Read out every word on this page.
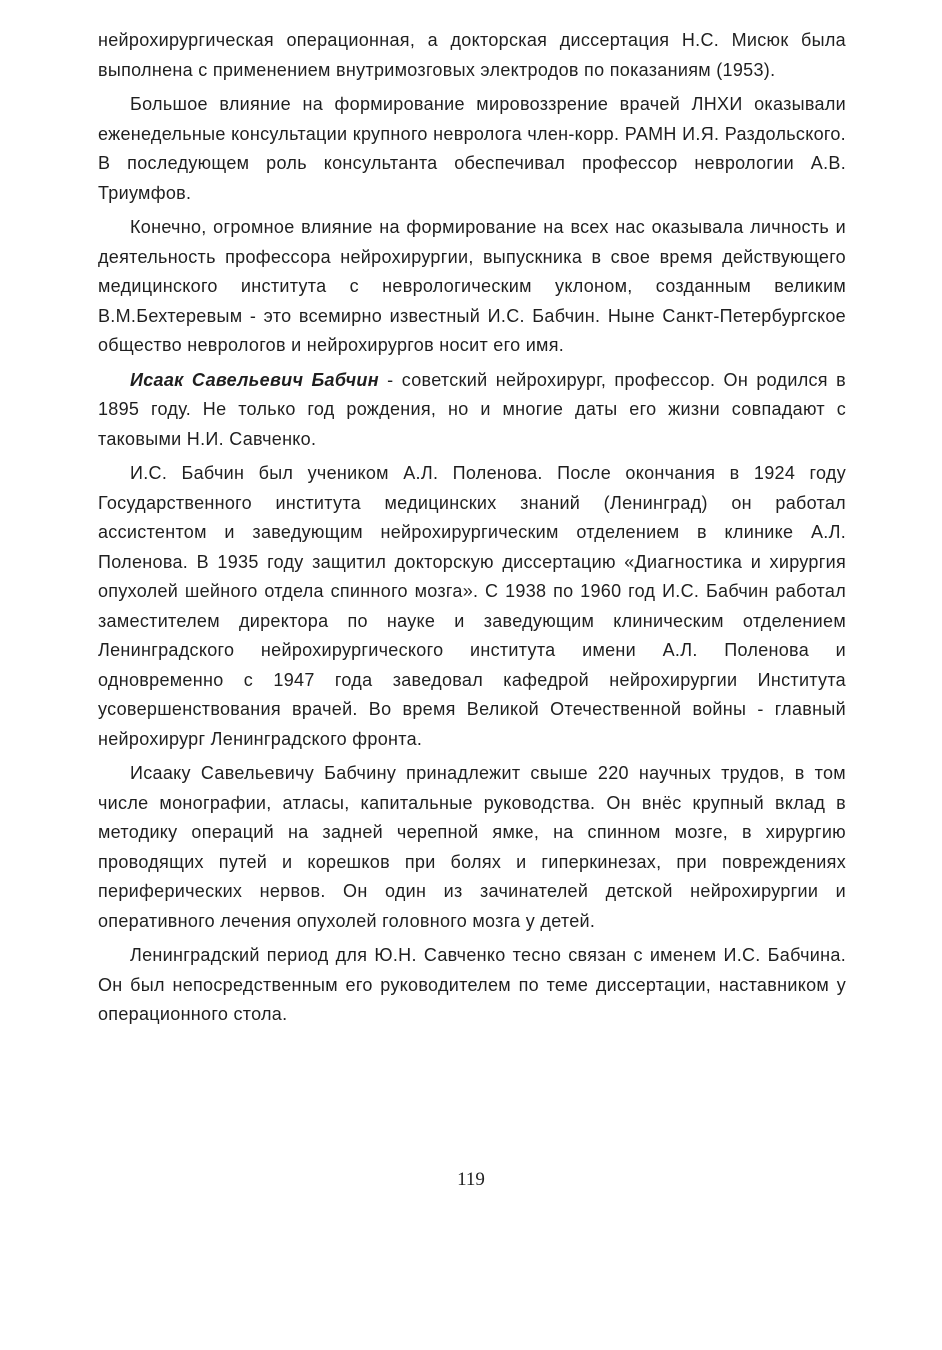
нейрохирургическая операционная, а докторская диссертация Н.С. Мисюк была выполнена с применением внутримозговых электродов по показаниям (1953).

Большое влияние на формирование мировоззрение врачей ЛНХИ оказывали еженедельные консультации крупного невролога член-корр. РАМН И.Я. Раздольского. В последующем роль консультанта обеспечивал профессор неврологии А.В. Триумфов.

Конечно, огромное влияние на формирование на всех нас оказывала личность и деятельность профессора нейрохирургии, выпускника в свое время действующего медицинского института с неврологическим уклоном, созданным великим В.М.Бехтеревым - это всемирно известный И.С. Бабчин. Ныне Санкт-Петербургское общество неврологов и нейрохирургов носит его имя.

Исаак Савельевич Бабчин - советский нейрохирург, профессор. Он родился в 1895 году. Не только год рождения, но и многие даты его жизни совпадают с таковыми Н.И. Савченко.

И.С. Бабчин был учеником А.Л. Поленова. После окончания в 1924 году Государственного института медицинских знаний (Ленинград) он работал ассистентом и заведующим нейрохирургическим отделением в клинике А.Л. Поленова. В 1935 году защитил докторскую диссертацию «Диагностика и хирургия опухолей шейного отдела спинного мозга». С 1938 по 1960 год И.С. Бабчин работал заместителем директора по науке и заведующим клиническим отделением Ленинградского нейрохирургического института имени А.Л. Поленова и одновременно с 1947 года заведовал кафедрой нейрохирургии Института усовершенствования врачей. Во время Великой Отечественной войны - главный нейрохирург Ленинградского фронта.

Исааку Савельевичу Бабчину принадлежит свыше 220 научных трудов, в том числе монографии, атласы, капитальные руководства. Он внёс крупный вклад в методику операций на задней черепной ямке, на спинном мозге, в хирургию проводящих путей и корешков при болях и гиперкинезах, при повреждениях периферических нервов. Он один из зачинателей детской нейрохирургии и оперативного лечения опухолей головного мозга у детей.

Ленинградский период для Ю.Н. Савченко тесно связан с именем И.С. Бабчина. Он был непосредственным его руководителем по теме диссертации, наставником у операционного стола.

119
